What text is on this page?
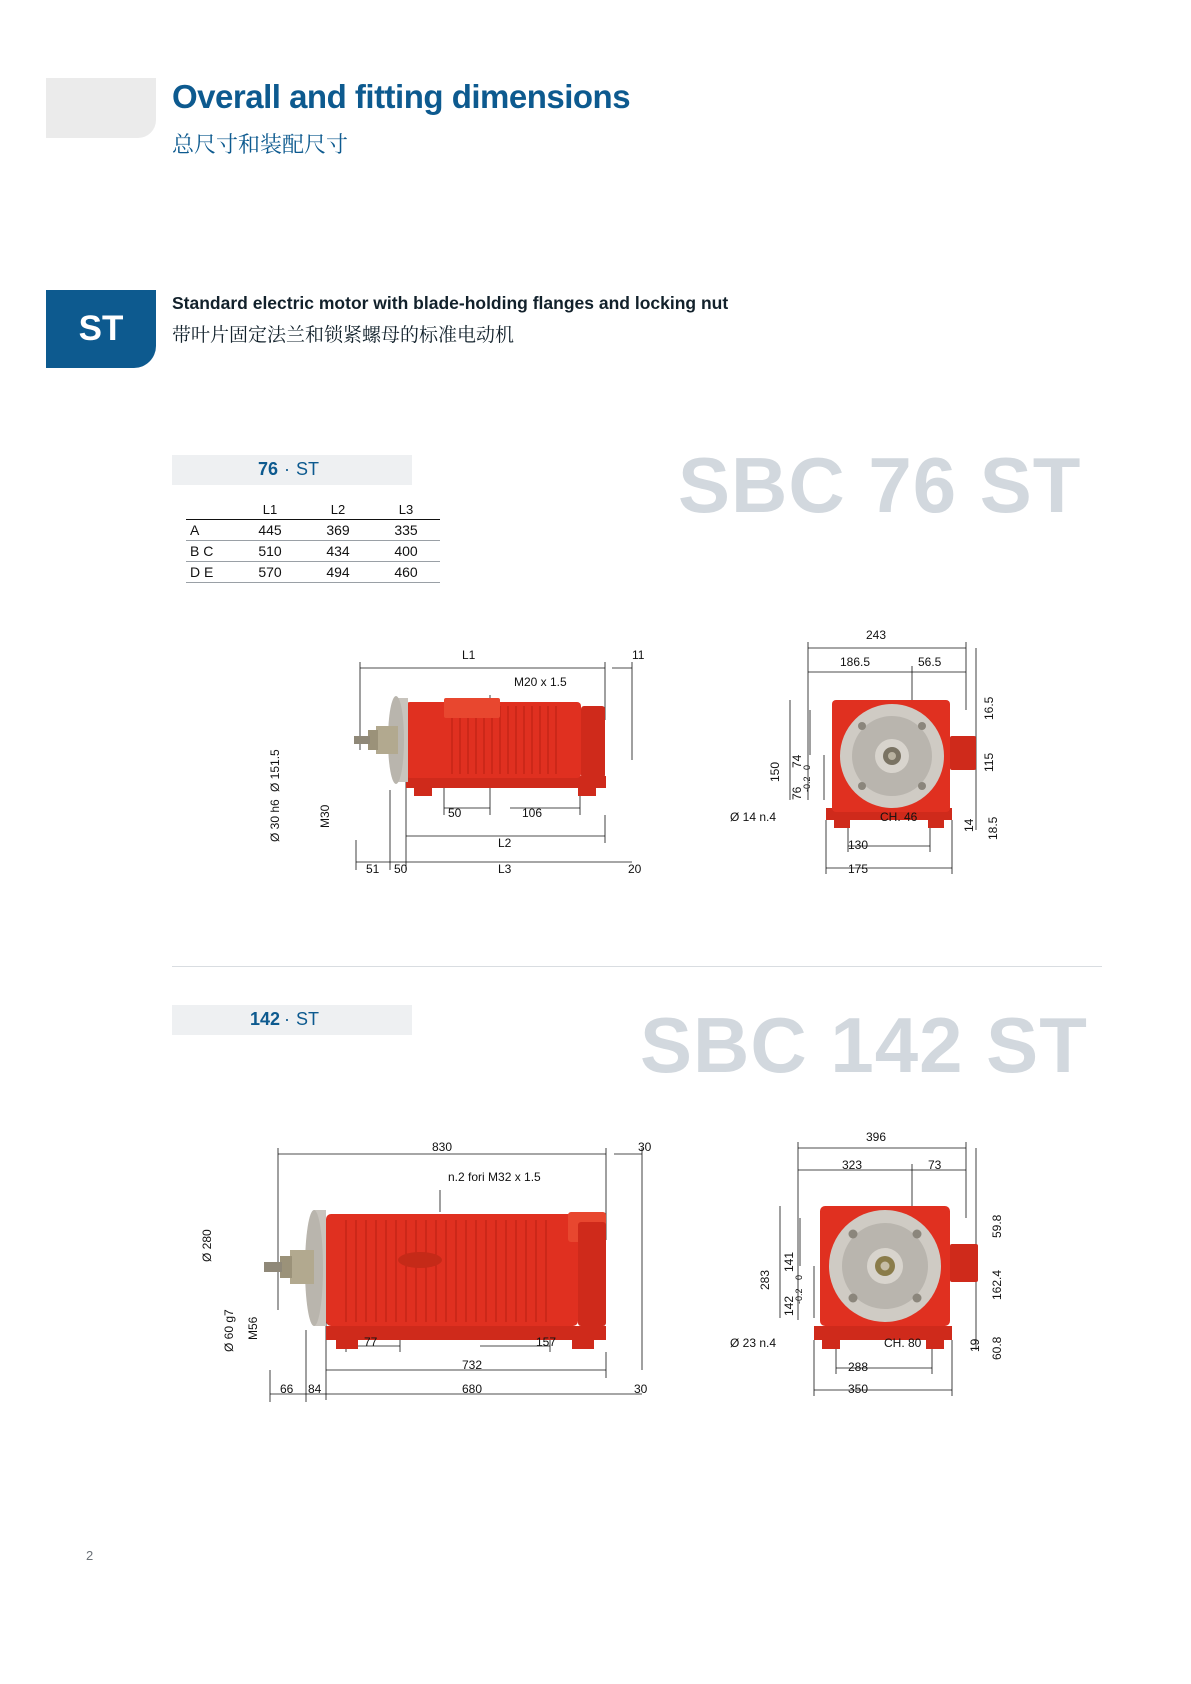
Overall and fitting dimensions
总尺寸和装配尺寸
ST
Standard electric motor with blade-holding flanges and locking nut
带叶片固定法兰和锁紧螺母的标准电动机
SBC 76 ST
76 · ST
	L1	L2	L3
A	445	369	335
B C	510	434	400
D E	570	494	460
L1	11
M20 x 1.5
Ø 151.5
Ø 30 h6	M30	50	106
L2
L3
51 50	20
243
186.5	56.5
16.5
115
18.5
14
150
74
76
0
-0.2
Ø 14 n.4	CH. 46
130
175
SBC 142 ST
142 · ST
830	30
n.2 fori M32 x 1.5
Ø 280
Ø 60 g7 M56
77	157
732
680
66 84	30
396
323	73
59.8
162.4
60.8
19
283
141
142
0
-0.2
Ø 23 n.4	CH. 80
288
350
2
